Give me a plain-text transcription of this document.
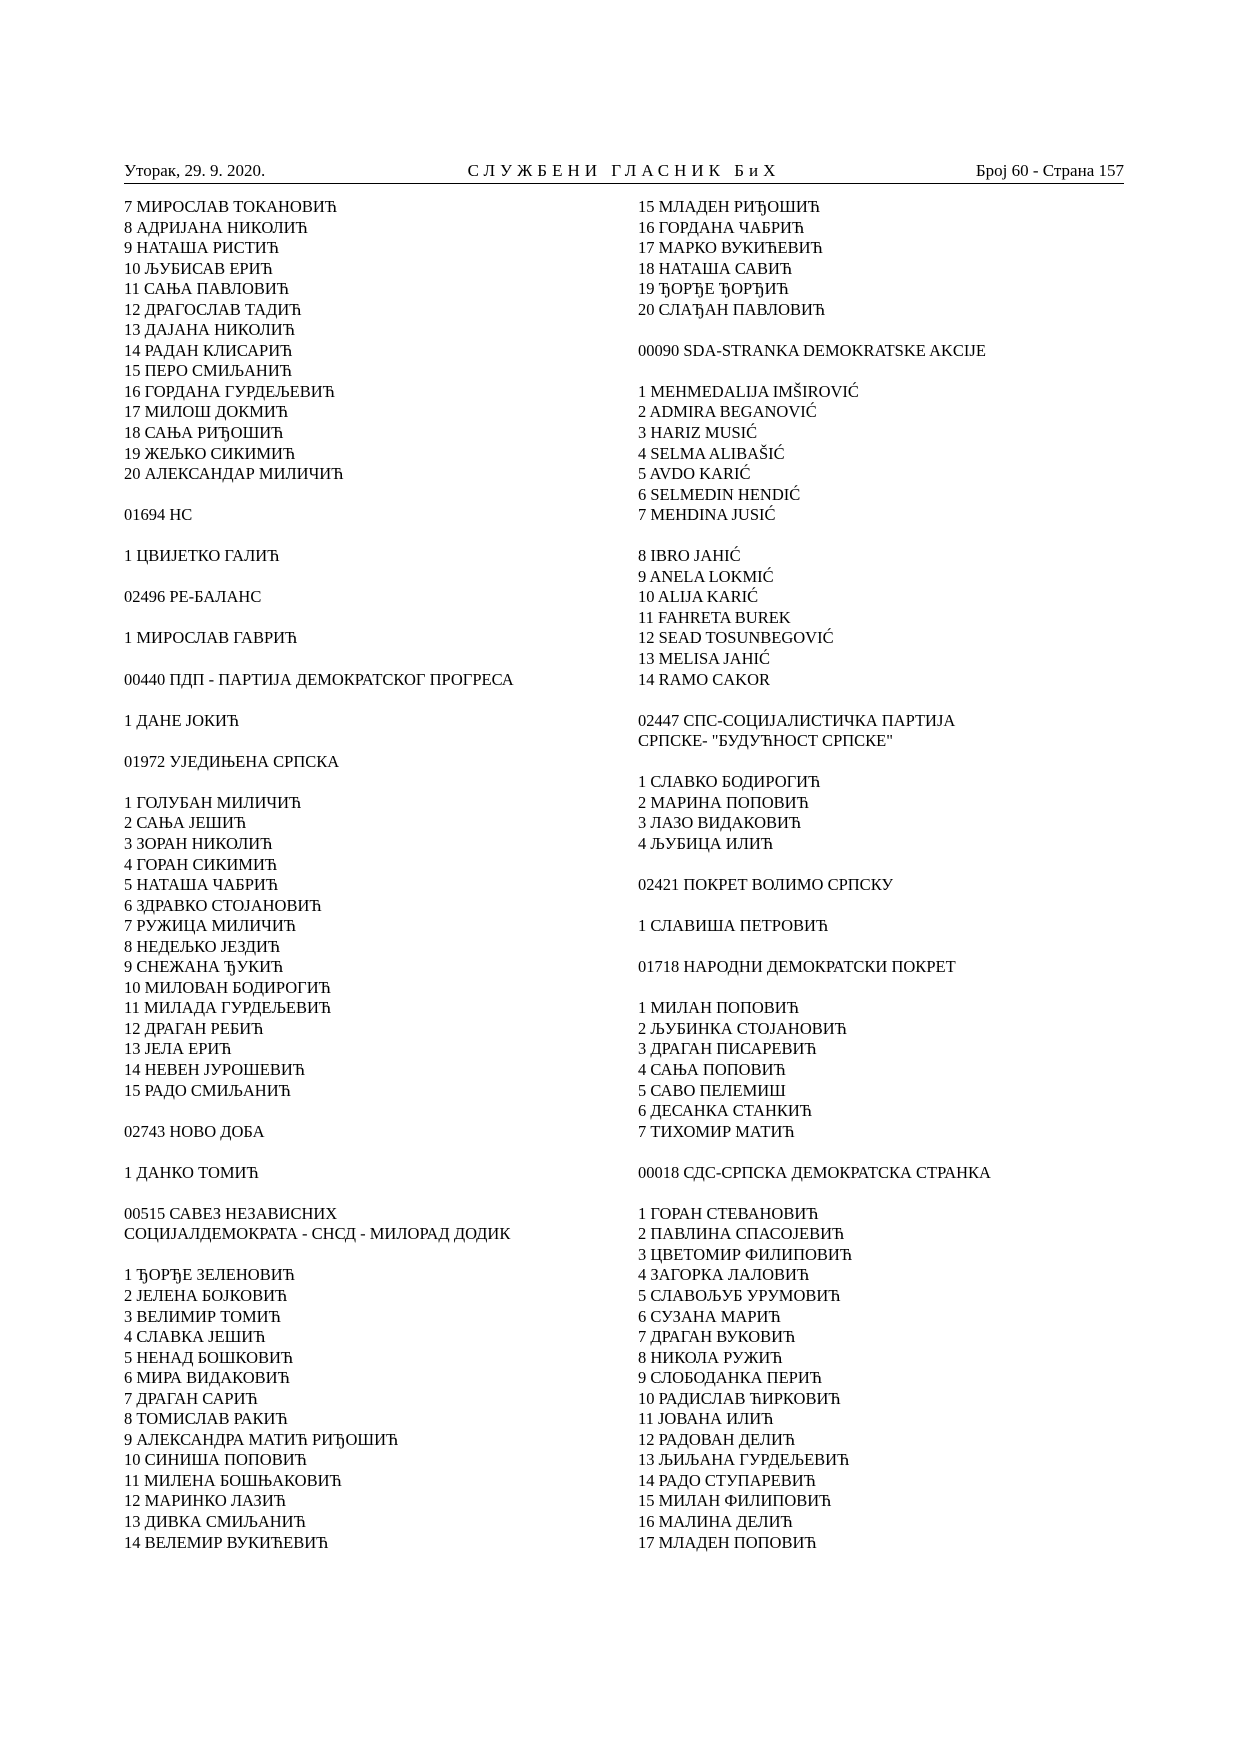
Уторак, 29. 9. 2020.	СЛУЖБЕНИ ГЛАСНИК БиХ	Број 60 - Страна 157
7 МИРОСЛАВ ТОКАНОВИЋ
8 АДРИЈАНА НИКОЛИЋ
9 НАТАША РИСТИЋ
10 ЉУБИСАВ ЕРИЋ
11 САЊА ПАВЛОВИЋ
12 ДРАГОСЛАВ ТАДИЋ
13 ДАЈАНА НИКОЛИЋ
14 РАДАН КЛИСАРИЋ
15 ПЕРО СМИЉАНИЋ
16 ГОРДАНА ГУРДЕЉЕВИЋ
17 МИЛОШ ДОКМИЋ
18 САЊА РИЂОШИЋ
19 ЖЕЉКО СИКИМИЋ
20 АЛЕКСАНДАР МИЛИЧИЋ
01694 НС
1 ЦВИЈЕТКО ГАЛИЋ
02496 РЕ-БАЛАНС
1 МИРОСЛАВ ГАВРИЋ
00440 ПДП - ПАРТИЈА ДЕМОКРАТСКОГ ПРОГРЕСА
1 ДАНЕ ЈОКИЋ
01972 УЈЕДИЊЕНА СРПСКА
1 ГОЛУБАН МИЛИЧИЋ
2 САЊА ЈЕШИЋ
3 ЗОРАН НИКОЛИЋ
4 ГОРАН СИКИМИЋ
5 НАТАША ЧАБРИЋ
6 ЗДРАВКО СТОЈАНОВИЋ
7 РУЖИЦА МИЛИЧИЋ
8 НЕДЕЉКО ЈЕЗДИЋ
9 СНЕЖАНА ЂУКИЋ
10 МИЛОВАН БОДИРОГИЋ
11 МИЛАДА ГУРДЕЉЕВИЋ
12 ДРАГАН РЕБИЋ
13 ЈЕЛА ЕРИЋ
14 НЕВЕН ЈУРОШЕВИЋ
15 РАДО СМИЉАНИЋ
02743 НОВО ДОБА
1 ДАНКО ТОМИЋ
00515 САВЕЗ НЕЗАВИСНИХ
СОЦИЈАЛДЕМОКРАТА - СНСД - МИЛОРАД ДОДИК
1 ЂОРЂЕ ЗЕЛЕНОВИЋ
2 ЈЕЛЕНА БОЈКОВИЋ
3 ВЕЛИМИР ТОМИЋ
4 СЛАВКА ЈЕШИЋ
5 НЕНАД БОШКОВИЋ
6 МИРА ВИДАКОВИЋ
7 ДРАГАН САРИЋ
8 ТОМИСЛАВ РАКИЋ
9 АЛЕКСАНДРА МАТИЋ РИЂОШИЋ
10 СИНИША ПОПОВИЋ
11 МИЛЕНА БОШЊАКОВИЋ
12 МАРИНКО ЛАЗИЋ
13 ДИВКА СМИЉАНИЋ
14 ВЕЛЕМИР ВУКИЋЕВИЋ
15 МЛАДЕН РИЂОШИЋ
16 ГОРДАНА ЧАБРИЋ
17 МАРКО ВУКИЋЕВИЋ
18 НАТАША САВИЋ
19 ЂОРЂЕ ЂОРЂИЋ
20 СЛАЂАН ПАВЛОВИЋ
00090 SDA-STRANKA DEMOKRATSKE AKCIJE
1 MEHMEDALIJA IMŠIROVIĆ
2 ADMIRA BEGANOVIĆ
3 HARIZ MUSIĆ
4 SELMA ALIBAŠIĆ
5 AVDO KARIĆ
6 SELMEDIN HENDIĆ
7 MEHDINA JUSIĆ
8 IBRO JAHIĆ
9 ANELA LOKMIĆ
10 ALIJA KARIĆ
11 FAHRETA BUREK
12 SEAD TOSUNBEGOVIĆ
13 MELISA JAHIĆ
14 RAMO CAKOR
02447 СПС-СОЦИЈАЛИСТИЧКА ПАРТИЈА
СРПСКЕ- "БУДУЋНОСТ СРПСКЕ"
1 СЛАВКО БОДИРОГИЋ
2 МАРИНА ПОПОВИЋ
3 ЛАЗО ВИДАКОВИЋ
4 ЉУБИЦА ИЛИЋ
02421 ПОКРЕТ ВОЛИМО СРПСКУ
1 СЛАВИША ПЕТРОВИЋ
01718 НАРОДНИ ДЕМОКРАТСКИ ПОКРЕТ
1 МИЛАН ПОПОВИЋ
2 ЉУБИНКА СТОЈАНОВИЋ
3 ДРАГАН ПИСАРЕВИЋ
4 САЊА ПОПОВИЋ
5 САВО ПЕЛЕМИШ
6 ДЕСАНКА СТАНКИЋ
7 ТИХОМИР МАТИЋ
00018 СДС-СРПСКА ДЕМОКРАТСКА СТРАНКА
1 ГОРАН СТЕВАНОВИЋ
2 ПАВЛИНА СПАСОЈЕВИЋ
3 ЦВЕТОМИР ФИЛИПОВИЋ
4 ЗАГОРКА ЛАЛОВИЋ
5 СЛАВОЉУБ УРУМОВИЋ
6 СУЗАНА МАРИЋ
7 ДРАГАН ВУКОВИЋ
8 НИКОЛА РУЖИЋ
9 СЛОБОДАНКА ПЕРИЋ
10 РАДИСЛАВ ЋИРКОВИЋ
11 ЈОВАНА ИЛИЋ
12 РАДОВАН ДЕЛИЋ
13 ЉИЉАНА ГУРДЕЉЕВИЋ
14 РАДО СТУПАРЕВИЋ
15 МИЛАН ФИЛИПОВИЋ
16 МАЛИНА ДЕЛИЋ
17 МЛАДЕН ПОПОВИЋ
